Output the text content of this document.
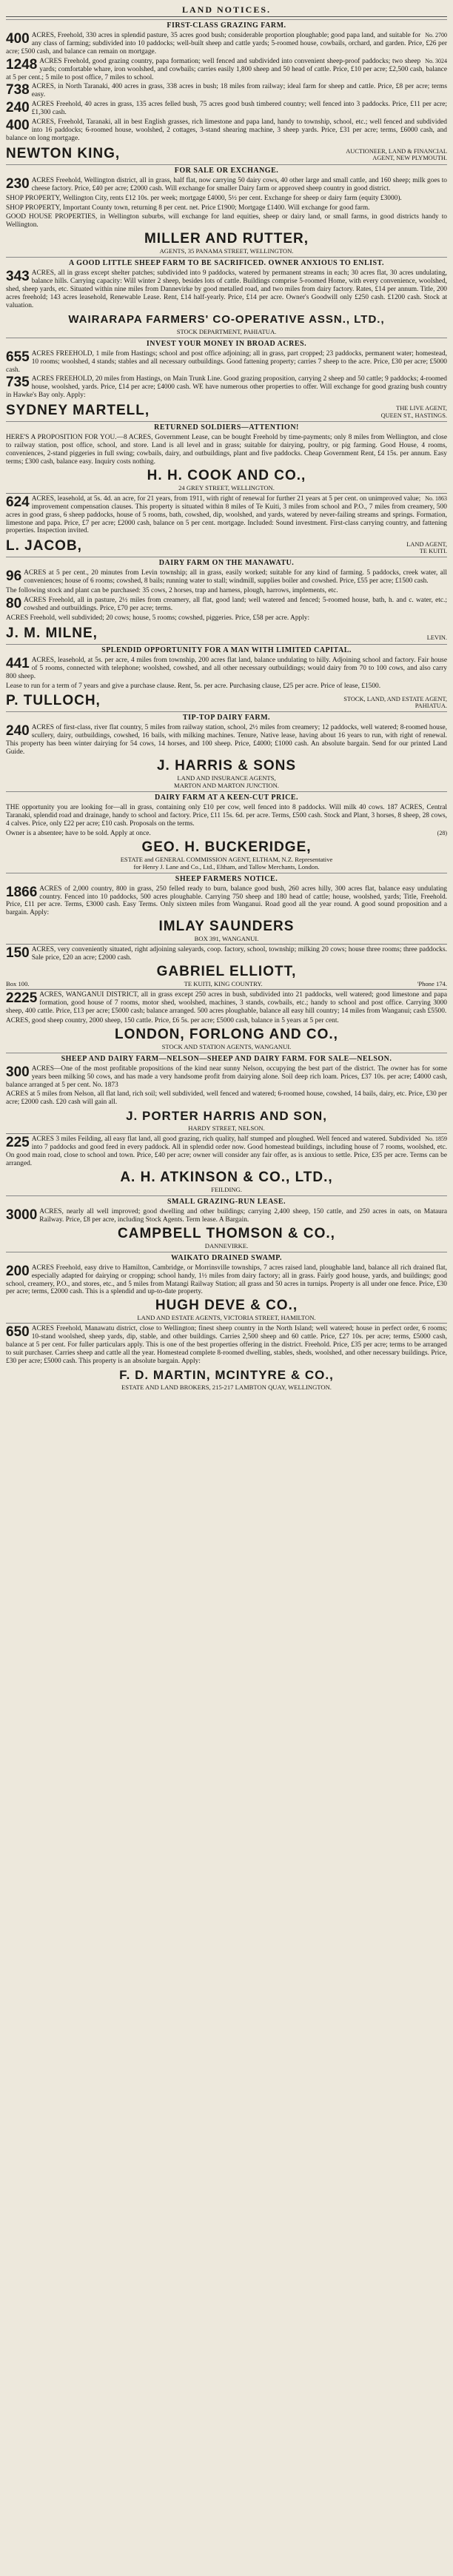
LAND NOTICES.
FIRST-CLASS GRAZING FARM.
400	No. 2700
ACRES, Freehold, 330 acres in splendid pasture, 35 acres good bush; considerable proportion ploughable; good papa land, and suitable for any class of farming; subdivided into 10 paddocks; well-built sheep and cattle yards; 5-roomed house, cowbails, orchard, and garden. Price, £26 per acre; £500 cash, and balance can remain on mortgage.
1248	No. 3024
ACRES Freehold, good grazing country, papa formation; well fenced and subdivided into convenient sheep-proof paddocks; two sheep yards; comfortable whare, iron woolshed, and cowbails; carries easily 1,800 sheep and 50 head of cattle. Price, £10 per acre; £2,500 cash, balance at 5 per cent.; 5 mile to post office, 7 miles to school.
738 ACRES, in North Taranaki, 400 acres in grass, 338 acres in bush; 18 miles from railway; ideal farm for sheep and cattle. Price, £8 per acre; terms easy.
240 ACRES Freehold, 40 acres in grass, 135 acres felled bush, 75 acres good bush timbered country; well fenced into 3 paddocks. Price, £11 per acre; £1,300 cash.
400 ACRES, Freehold, Taranaki, all in best English grasses, rich limestone and papa land, handy to township, school, etc.; well fenced and subdivided into 16 paddocks; 6-roomed house, woolshed, 2 cottages, 3-stand shearing machine, 3 sheep yards. Price, £31 per acre; terms, £6000 cash, and balance on long mortgage.
NEWTON KING,	AUCTIONEER, LAND & FINANCIAL
AGENT, NEW PLYMOUTH.
FOR SALE OR EXCHANGE.
230 ACRES Freehold, Wellington district, all in grass, half flat, now carrying 50 dairy cows, 40 other large and small cattle, and 160 sheep; milk goes to cheese factory. Price, £40 per acre; £2000 cash. Will exchange for smaller Dairy farm or approved sheep country in good district.
SHOP PROPERTY, Wellington City, rents £12 10s. per week; mortgage £4000, 5½ per cent. Exchange for sheep or dairy farm (equity £3000).
SHOP PROPERTY, Important County town, returning 8 per cent. net. Price £1900; Mortgage £1400. Will exchange for good farm.
GOOD HOUSE PROPERTIES, in Wellington suburbs, will exchange for land equities, sheep or dairy land, or small farms, in good districts handy to Wellington.
MILLER AND RUTTER,
AGENTS, 35 PANAMA STREET, WELLINGTON.
A GOOD LITTLE SHEEP FARM TO BE SACRIFICED. OWNER ANXIOUS TO ENLIST.
343 ACRES, all in grass except shelter patches; subdivided into 9 paddocks, watered by permanent streams in each; 30 acres flat, 30 acres undulating, balance hills. Carrying capacity: Will winter 2 sheep, besides lots of cattle. Buildings comprise 5-roomed Home, with every convenience, woolshed, shed, sheep yards, etc. Situated within nine miles from Dannevirke by good metalled road, and two miles from dairy factory. Rates, £14 per annum. Title, 200 acres freehold; 143 acres leasehold, Renewable Lease. Rent, £14 half-yearly. Price, £14 per acre. Owner's Goodwill only £250 cash. £1200 cash. Stock at valuation.
WAIRARAPA FARMERS' CO-OPERATIVE ASSN., LTD.,
STOCK DEPARTMENT, PAHIATUA.
INVEST YOUR MONEY IN BROAD ACRES.
655 ACRES FREEHOLD, 1 mile from Hastings; school and post office adjoining; all in grass, part cropped; 23 paddocks, permanent water; homestead, 10 rooms; woolshed, 4 stands; stables and all necessary outbuildings. Good fattening property; carries 7 sheep to the acre. Price, £30 per acre; £5000 cash.
735 ACRES FREEHOLD, 20 miles from Hastings, on Main Trunk Line. Good grazing proposition, carrying 2 sheep and 50 cattle; 9 paddocks; 4-roomed house, woolshed, yards. Price, £14 per acre; £4000 cash. WE have numerous other properties to offer. Will exchange for good grazing bush country in Hawke's Bay only. Apply:
SYDNEY MARTELL,	THE LIVE AGENT,
QUEEN ST., HASTINGS.
RETURNED SOLDIERS—ATTENTION!
HERE'S A PROPOSITION FOR YOU.—8 ACRES, Government Lease, can be bought Freehold by time-payments; only 8 miles from Wellington, and close to railway station, post office, school, and store. Land is all level and in grass; suitable for dairying, poultry, or pig farming. Good House, 4 rooms, conveniences, 2-stand piggeries in full swing; cowbails, dairy, and outbuildings, plant and five paddocks. Cheap Government Rent, £4 15s. per annum. Easy terms; £300 cash, balance easy. Inquiry costs nothing.
H. H. COOK AND CO.,
24 GREY STREET, WELLINGTON.
624	No. 1863
ACRES, leasehold, at 5s. 4d. an acre, for 21 years, from 1911, with right of renewal for further 21 years at 5 per cent. on unimproved value; improvement compensation clauses. This property is situated within 8 miles of Te Kuiti, 3 miles from school and P.O., 7 miles from creamery, 500 acres in good grass, 6 sheep paddocks, house of 5 rooms, bath, cowshed, dip, woolshed, and yards, watered by never-failing streams and springs. Formation, limestone and papa. Price, £7 per acre; £2000 cash, balance on 5 per cent. mortgage. Included: Sound investment. First-class carrying country, and fattening properties. Inspection invited.
L. JACOB,	LAND AGENT,
TE KUITI.
DAIRY FARM ON THE MANAWATU.
96 ACRES at 5 per cent., 20 minutes from Levin township; all in grass, easily worked; suitable for any kind of farming. 5 paddocks, creek water, all conveniences; house of 6 rooms; cowshed, 8 bails; running water to stall; windmill, supplies boiler and cowshed. Price, £55 per acre; £1500 cash.
The following stock and plant can be purchased: 35 cows, 2 horses, trap and harness, plough, harrows, implements, etc.
80 ACRES Freehold, all in pasture, 2½ miles from creamery, all flat, good land; well watered and fenced; 5-roomed house, bath, h. and c. water, etc.; cowshed and outbuildings. Price, £70 per acre; terms.
ACRES Freehold, well subdivided; 20 cows; house, 5 rooms; cowshed, piggeries. Price, £58 per acre. Apply:
J. M. MILNE,	LEVIN.
SPLENDID OPPORTUNITY FOR A MAN WITH LIMITED CAPITAL.
441 ACRES, leasehold, at 5s. per acre, 4 miles from township, 200 acres flat land, balance undulating to hilly. Adjoining school and factory. Fair house of 5 rooms, connected with telephone; woolshed, cowshed, and all other necessary outbuildings; would dairy from 70 to 100 cows, and also carry 800 sheep.
Lease to run for a term of 7 years and give a purchase clause. Rent, 5s. per acre. Purchasing clause, £25 per acre. Price of lease, £1500.
P. TULLOCH,	STOCK, LAND, AND ESTATE AGENT,
PAHIATUA.
TIP-TOP DAIRY FARM.
240 ACRES of first-class, river flat country, 5 miles from railway station, school, 2½ miles from creamery; 12 paddocks, well watered; 8-roomed house, scullery, dairy, outbuildings, cowshed, 16 bails, with milking machines. Tenure, Native lease, having about 16 years to run, with right of renewal. This property has been winter dairying for 54 cows, 14 horses, and 100 sheep. Price, £4000; £1000 cash. An absolute bargain. Send for our printed Land Guide.
J. HARRIS & SONS
LAND AND INSURANCE AGENTS,
MARTON AND MARTON JUNCTION.
DAIRY FARM AT A KEEN-CUT PRICE.
THE opportunity you are looking for—all in grass, containing only £10 per cow, well fenced into 8 paddocks. Will milk 40 cows. 187 ACRES, Central Taranaki, splendid road and drainage, handy to school and factory. Price, £11 15s. 6d. per acre. Terms, £500 cash. Stock and Plant, 3 horses, 8 sheep, 28 cows, 4 calves. Price, only £22 per acre; £10 cash. Proposals on the terms.
(28)
Owner is a absentee; have to be sold. Apply at once.
GEO. H. BUCKERIDGE,
ESTATE and GENERAL COMMISSION AGENT, ELTHAM, N.Z. Representative
for Henry J. Lane and Co., Ltd., Eltham, and Tallow Merchants, London.
SHEEP FARMERS NOTICE.
1866 ACRES of 2,000 country, 800 in grass, 250 felled ready to burn, balance good bush, 260 acres hilly, 300 acres flat, balance easy undulating country. Fenced into 10 paddocks, 500 acres ploughable. Carrying 750 sheep and 180 head of cattle; house, woolshed, yards; Title, Freehold. Price, £11 per acre. Terms, £3000 cash. Easy Terms. Only sixteen miles from Wanganui. Road good all the year round. A good sound proposition and a bargain. Apply:
IMLAY SAUNDERS
BOX 391, WANGANUI.
150 ACRES, very conveniently situated, right adjoining saleyards, coop. factory, school, township; milking 20 cows; house three rooms; three paddocks. Sale price, £20 an acre; £2000 cash.
GABRIEL ELLIOTT,
Box 100.	TE KUITI, KING COUNTRY.	'Phone 174.
2225 ACRES, WANGANUI DISTRICT, all in grass except 250 acres in bush, subdivided into 21 paddocks, well watered; good limestone and papa formation, good house of 7 rooms, motor shed, woolshed, machines, 3 stands, cowbails, etc.; handy to school and post office. Carrying 3000 sheep, 400 cattle. Price, £13 per acre; £5000 cash; balance arranged. 500 acres ploughable, balance all easy hill country; 14 miles from Wanganui; cash £5500.
ACRES, good sheep country, 2000 sheep, 150 cattle. Price, £6 5s. per acre; £5000 cash, balance in 5 years at 5 per cent.
LONDON, FORLONG AND CO.,
STOCK AND STATION AGENTS, WANGANUI.
SHEEP AND DAIRY FARM—NELSON—SHEEP AND DAIRY FARM. FOR SALE—NELSON.
300 ACRES—One of the most profitable propositions of the kind near sunny Nelson, occupying the best part of the district. The owner has for some years been milking 50 cows, and has made a very handsome profit from dairying alone. Soil deep rich loam. Prices, £37 10s. per acre; £4000 cash, balance arranged at 5 per cent. No. 1873
ACRES at 5 miles from Nelson, all flat land, rich soil; well subdivided, well fenced and watered; 6-roomed house, cowshed, 14 bails, dairy, etc. Price, £30 per acre; £2000 cash. £20 cash will gain all.
J. PORTER HARRIS AND SON,
HARDY STREET, NELSON.
225	No. 1859
ACRES 3 miles Feilding, all easy flat land, all good grazing, rich quality, half stumped and ploughed. Well fenced and watered. Subdivided into 7 paddocks and good feed in every paddock. All in splendid order now. Good homestead buildings, including house of 7 rooms, woolshed, etc. On good main road, close to school and town. Price, £40 per acre; owner will consider any fair offer, as is anxious to settle. Price, £35 per acre. Terms can be arranged.
A. H. ATKINSON & CO., LTD.,
FEILDING.
SMALL GRAZING-RUN LEASE.
3000 ACRES, nearly all well improved; good dwelling and other buildings; carrying 2,400 sheep, 150 cattle, and 250 acres in oats, on Mataura Railway. Price, £8 per acre, including Stock Agents. Term lease. A Bargain.
CAMPBELL THOMSON & CO.,
DANNEVIRKE.
WAIKATO DRAINED SWAMP.
200 ACRES Freehold, easy drive to Hamilton, Cambridge, or Morrinsville townships, 7 acres raised land, ploughable land, balance all rich drained flat, especially adapted for dairying or cropping; school handy, 1½ miles from dairy factory; all in grass. Fairly good house, yards, and buildings; good school, creamery, P.O., and stores, etc., and 5 miles from Matangi Railway Station; all grass and 50 acres in turnips. Property is all under one fence. Price, £30 per acre; terms, £2000 cash. This is a splendid and up-to-date property.
HUGH DEVE & CO.,
LAND AND ESTATE AGENTS, VICTORIA STREET, HAMILTON.
650 ACRES Freehold, Manawatu district, close to Wellington; finest sheep country in the North Island; well watered; house in perfect order, 6 rooms; 10-stand woolshed, sheep yards, dip, stable, and other buildings. Carries 2,500 sheep and 60 cattle. Price, £27 10s. per acre; terms, £5000 cash, balance at 5 per cent. For fuller particulars apply. This is one of the best properties offering in the district. Freehold. Price, £35 per acre; terms to be arranged to suit purchaser. Carries sheep and cattle all the year. Homestead complete 8-roomed dwelling, stables, sheds, woolshed, and other necessary buildings. Price, £30 per acre; £5000 cash. This property is an absolute bargain. Apply:
F. D. MARTIN, MCINTYRE & CO.,
ESTATE AND LAND BROKERS, 215-217 LAMBTON QUAY, WELLINGTON.
